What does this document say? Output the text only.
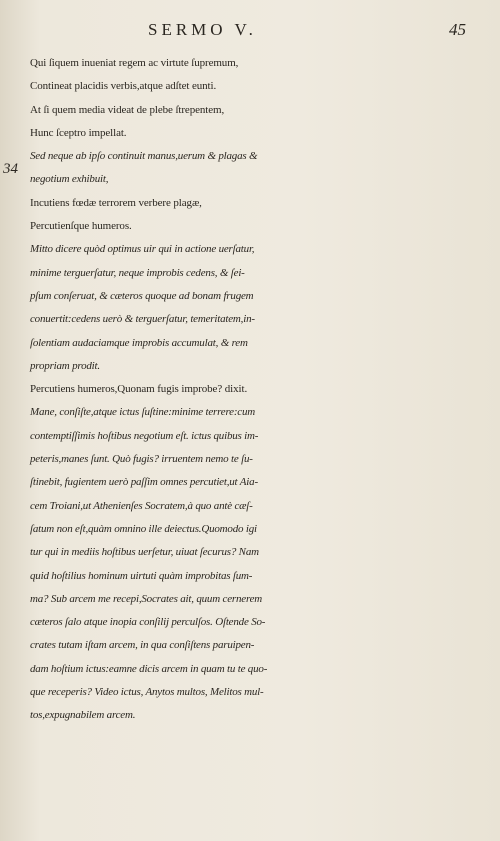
SERMO V.	45
34
Qui ſiquem inueniat regem ac virtute ſupremum,
Contineat placidis verbis,atque adſtet eunti.
At ſi quem media videat de plebe ſtrepentem,
Hunc ſceptro impellat.
Sed neque ab ipſo continuit manus,uerum & plagas &
negotium exhibuit,
Incutiens fœdæ terrorem verbere plagæ,
Percutienſque humeros.
Mitto dicere quòd optimus uir qui in actione uerſatur,
minime terguerſatur, neque improbis cedens, & ſei-
pſum conſeruat, & cæteros quoque ad bonam frugem
conuertit:cedens uerò & terguerſatur, temeritatem,in-
ſolentiam audaciamque improbis accumulat, & rem
propriam prodit.
Percutiens humeros,Quonam fugis improbe? dixit.
Mane, conſiſte,atque ictus ſuſtine:minime terrere:cum
contemptiſſimis hoſtibus negotium eſt. ictus quibus im-
peteris,manes ſunt. Quò fugis? irruentem nemo te ſu-
ſtinebit, fugientem uerò paſſim omnes percutiet,ut Aia-
cem Troiani,ut Athenienſes Socratem,à quo antè cæſ-
ſatum non eſt,quàm omnino ille deiectus.Quomodo igi
tur qui in mediis hoſtibus uerſetur, uiuat ſecurus? Nam
quid hoſtilius hominum uirtuti quàm improbitas ſum-
ma? Sub arcem me recepi,Socrates ait, quum cernerem
cæteros ſalo atque inopia conſilij perculſos. Oſtende So-
crates tutam iſtam arcem, in qua conſiſtens paruipen-
dam hoſtium ictus:eamne dicis arcem in quam tu te quo-
que receperis? Video ictus, Anytos multos, Melitos mul-
tos,expugnabilem arcem.
